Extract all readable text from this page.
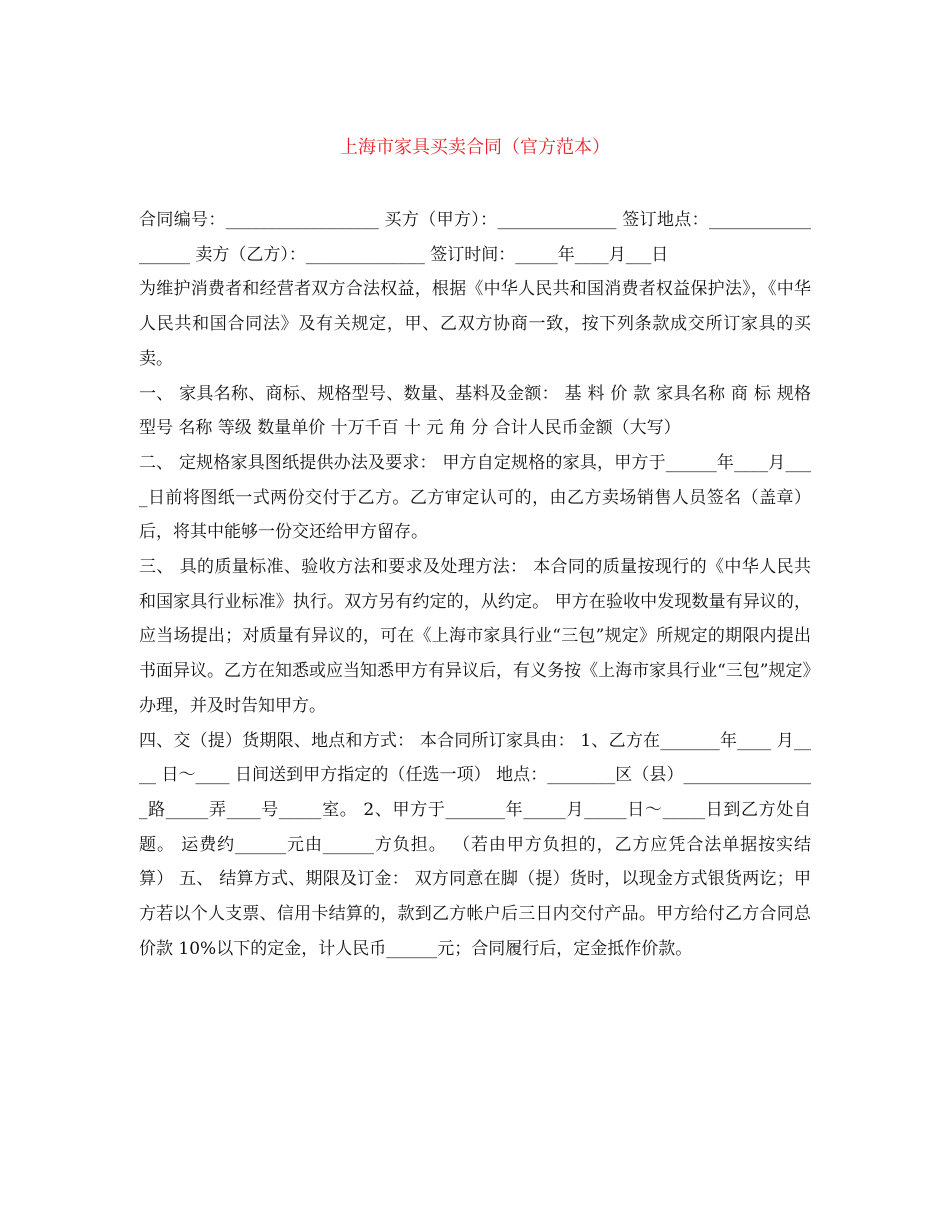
上海市家具买卖合同（官方范本）

合同编号：__________________ 买方（甲方）：______________ 签订地点：__________________ 卖方（乙方）：______________ 签订时间：_____年____月___日

为维护消费者和经营者双方合法权益，根据《中华人民共和国消费者权益保护法》，《中华人民共和国合同法》及有关规定，甲、乙双方协商一致，按下列条款成交所订家具的买卖。

一、 家具名称、商标、规格型号、数量、基料及金额： 基 料 价 款 家具名称 商 标 规格型号 名称 等级 数量单价 十万千百 十 元 角 分 合计人民币金额（大写）

二、 定规格家具图纸提供办法及要求： 甲方自定规格的家具，甲方于______年____月____日前将图纸一式两份交付于乙方。乙方审定认可的，由乙方卖场销售人员签名（盖章）后，将其中能够一份交还给甲方留存。

三、 具的质量标准、验收方法和要求及处理方法： 本合同的质量按现行的《中华人民共和国家具行业标准》执行。双方另有约定的，从约定。 甲方在验收中发现数量有异议的，应当场提出；对质量有异议的，可在《上海市家具行业“三包”规定》所规定的期限内提出书面异议。乙方在知悉或应当知悉甲方有异议后，有义务按《上海市家具行业“三包”规定》办理，并及时告知甲方。

四、交（提）货期限、地点和方式： 本合同所订家具由： 1、乙方在_______年____ 月____ 日～____ 日间送到甲方指定的（任选一项） 地点：________区（县）________________路_____弄____号_____室。 2、甲方于_______年_____月_____日～_____日到乙方处自题。 运费约______元由______方负担。 （若由甲方负担的，乙方应凭合法单据按实结算） 五、 结算方式、期限及订金： 双方同意在脚（提）货时，以现金方式银货两讫；甲方若以个人支票、信用卡结算的，款到乙方帐户后三日内交付产品。甲方给付乙方合同总价款 10%以下的定金，计人民币______元；合同履行后，定金抵作价款。
